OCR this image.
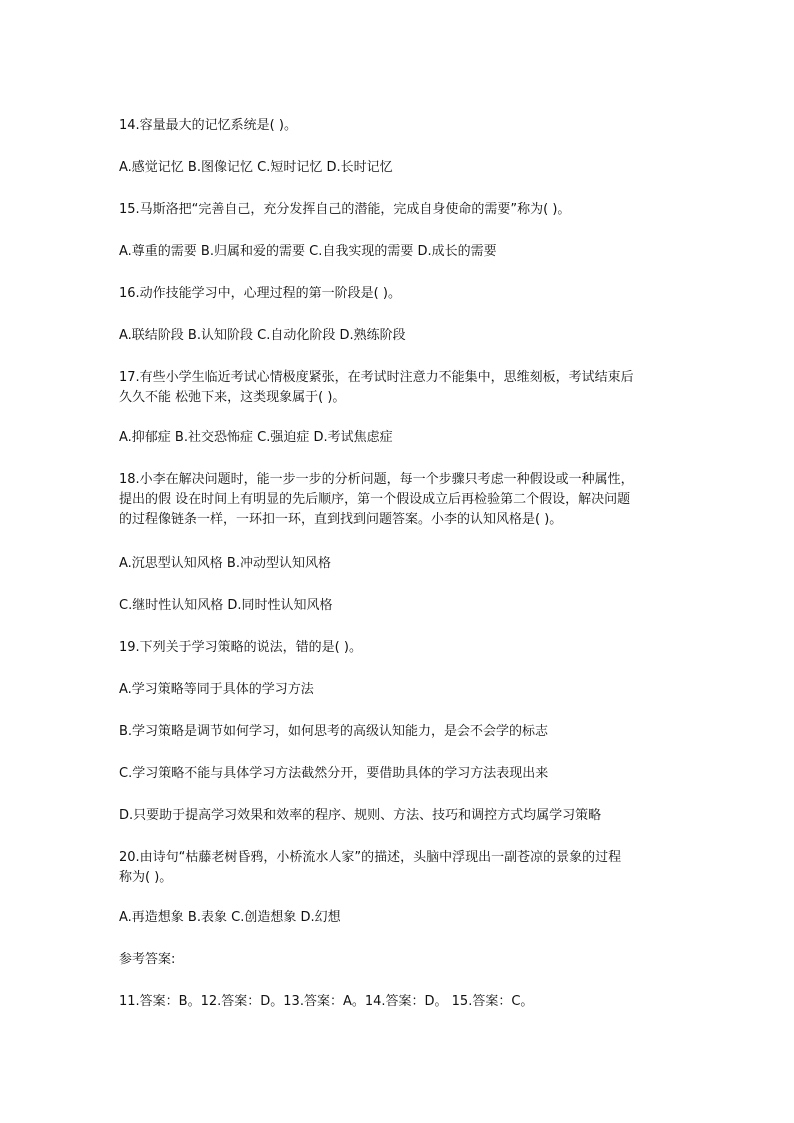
14.容量最大的记忆系统是( )。
A.感觉记忆 B.图像记忆 C.短时记忆 D.长时记忆
15.马斯洛把“完善自己，充分发挥自己的潜能，完成自身使命的需要”称为( )。
A.尊重的需要 B.归属和爱的需要 C.自我实现的需要 D.成长的需要
16.动作技能学习中，心理过程的第一阶段是( )。
A.联结阶段 B.认知阶段 C.自动化阶段 D.熟练阶段
17.有些小学生临近考试心情极度紧张，在考试时注意力不能集中，思维刻板，考试结束后
久久不能 松弛下来，这类现象属于( )。
A.抑郁症 B.社交恐怖症 C.强迫症 D.考试焦虑症
18.小李在解决问题时，能一步一步的分析问题，每一个步骤只考虑一种假设或一种属性，
提出的假 设在时间上有明显的先后顺序，第一个假设成立后再检验第二个假设，解决问题
的过程像链条一样，一环扣一环，直到找到问题答案。小李的认知风格是( )。
A.沉思型认知风格 B.冲动型认知风格
C.继时性认知风格 D.同时性认知风格
19.下列关于学习策略的说法，错的是( )。
A.学习策略等同于具体的学习方法
B.学习策略是调节如何学习，如何思考的高级认知能力，是会不会学的标志
C.学习策略不能与具体学习方法截然分开，要借助具体的学习方法表现出来
D.只要助于提高学习效果和效率的程序、规则、方法、技巧和调控方式均属学习策略
20.由诗句“枯藤老树昏鸦，小桥流水人家”的描述，头脑中浮现出一副苍凉的景象的过程
称为( )。
A.再造想象 B.表象 C.创造想象 D.幻想
参考答案:
11.答案：B。12.答案：D。13.答案：A。14.答案：D。 15.答案：C。
